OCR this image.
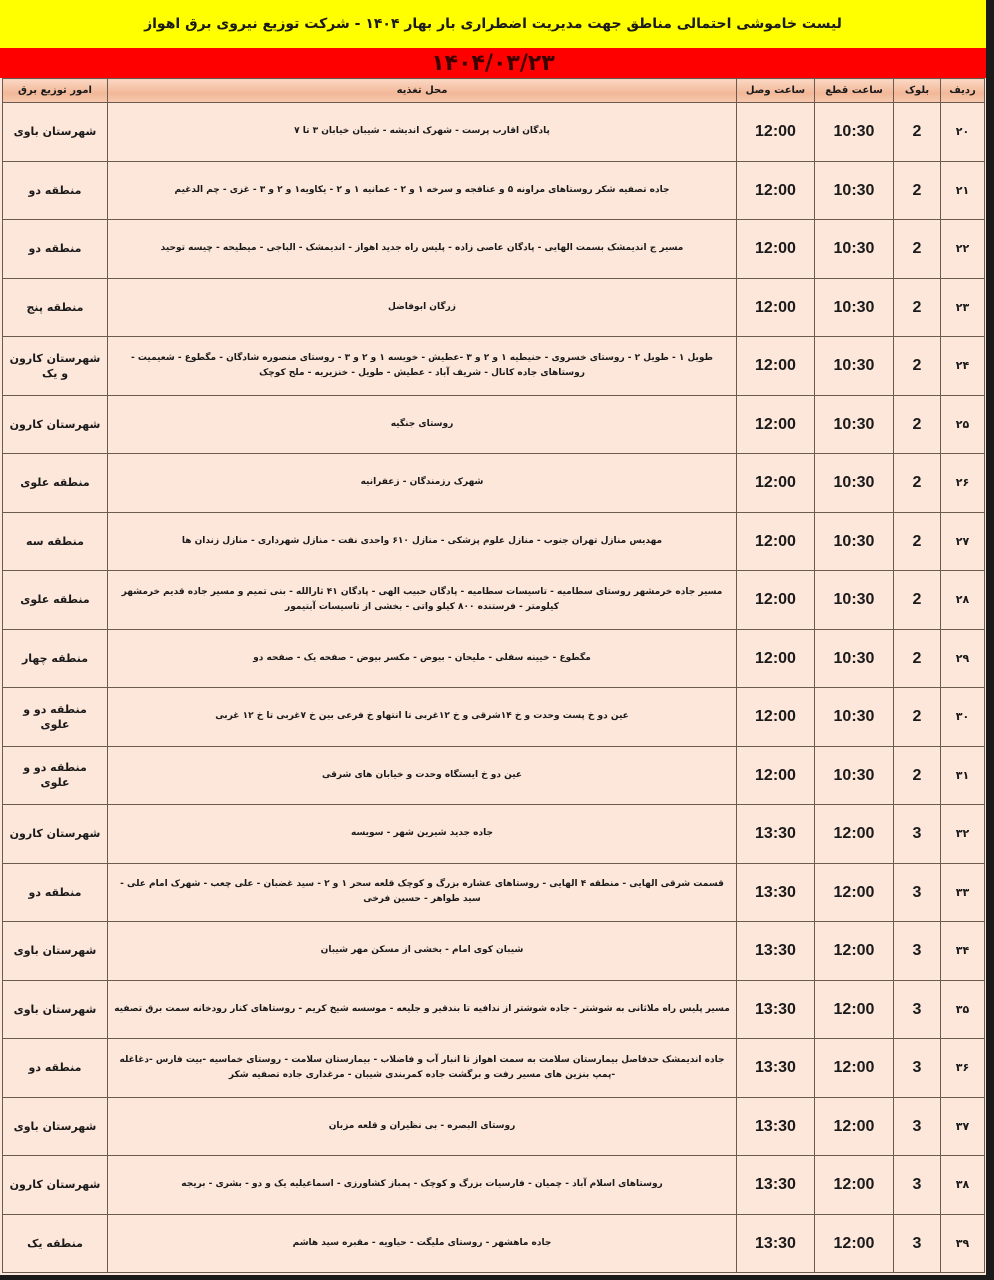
لیست خاموشی احتمالی مناطق جهت مدیریت اضطراری بار بهار ۱۴۰۴ - شرکت توزیع نیروی برق اهواز
۱۴۰۴/۰۳/۲۳
ردیف	بلوک	ساعت قطع	ساعت وصل	محل تغذیه	امور توزیع برق
۲۰	2	10:30	12:00	پادگان اقارب پرست - شهرک اندیشه - شیبان خیابان ۳ تا ۷	شهرستان باوی
۲۱	2	10:30	12:00	جاده تصفیه شکر روستاهای مراونه ۵ و عنافجه و سرخه ۱ و ۲ - عمانیه ۱ و ۲ - یکاویه۱ و ۲ و ۳ - غزی - چم الدغیم	منطقه دو
۲۲	2	10:30	12:00	مسیر ج اندیمشک بسمت الهایی - پادگان عاصی زاده - پلیس راه جدید اهواز - اندیمشک - الباجی - میطیحه - چیسه توحید	منطقه دو
۲۳	2	10:30	12:00	زرگان ابوفاضل	منطقه پنج
۲۴	2	10:30	12:00	طویل ۱ - طویل ۲ - روستای خسروی - حنیطیه ۱ و ۲ و ۳ -عطیش - خویسه ۱ و ۲ و ۳ - روستای منصوره شادگان - مگطوع - شعیمیت - روستاهای جاده کانال - شریف آباد - عطیش - طویل - خنزیریه - ملح کوچک	شهرستان کارون و یک
۲۵	2	10:30	12:00	روستای جنگیه	شهرستان کارون
۲۶	2	10:30	12:00	شهرک رزمندگان - زعفرانیه	منطقه علوی
۲۷	2	10:30	12:00	مهدیس منازل تهران جنوب - منازل علوم پزشکی - منازل ۶۱۰ واحدی نفت - منازل شهرداری - منازل زندان ها	منطقه سه
۲۸	2	10:30	12:00	مسیر جاده خرمشهر روستای سطامیه - تاسیسات سطامیه - پادگان حبیب الهی - پادگان ۴۱ ثارالله - بنی تمیم و مسیر جاده قدیم خرمشهر کیلومتر - فرستنده ۸۰۰ کیلو واتی - بخشی از تاسیسات آبتیمور	منطقه علوی
۲۹	2	10:30	12:00	مگطوع - خیینه سفلی - ملیحان - بیوض - مکسر بیوض - صفحه یک - صفحه دو	منطقه چهار
۳۰	2	10:30	12:00	عین دو خ پست وحدت و خ ۱۴شرقی و خ ۱۲غربی تا انتهاو خ فرعی بین خ ۷غربی تا خ ۱۲ غربی	منطقه دو و علوی
۳۱	2	10:30	12:00	عین دو خ ایستگاه وحدت و خیابان های شرقی	منطقه دو و علوی
۳۲	3	12:00	13:30	جاده جدید شیرین شهر - سویسه	شهرستان کارون
۳۳	3	12:00	13:30	قسمت شرقی الهایی - منطقه ۴ الهایی - روستاهای عشاره بزرگ و کوچک قلعه سحر ۱ و ۲ - سید غضبان - علی چعب - شهرک امام علی - سید طواهر - حسین فرخی	منطقه دو
۳۴	3	12:00	13:30	شیبان کوی امام - بخشی از مسکن مهر شیبان	شهرستان باوی
۳۵	3	12:00	13:30	مسیر پلیس راه ملاثانی به شوشتر - جاده شوشتر از ندافیه تا بندقیر و جلیعه - موسسه شیخ کریم - روستاهای کنار رودخانه سمت برق تصفیه	شهرستان باوی
۳۶	3	12:00	13:30	جاده اندیمشک حدفاصل بیمارستان سلامت به سمت اهواز تا انبار آب و فاضلاب - بیمارستان سلامت - روستای خماسیه -بیت فارس -دغاغله -پمپ بنزین های مسیر رفت و برگشت جاده کمربندی شیبان - مرغداری جاده تصفیه شکر	منطقه دو
۳۷	3	12:00	13:30	روستای البصره - بی نظیران و قلعه مزبان	شهرستان باوی
۳۸	3	12:00	13:30	روستاهای اسلام آباد - چمیان - فارسیات بزرگ و کوچک - پمباز کشاورزی - اسماعیلیه یک و دو - بشری - بریجه	شهرستان کارون
۳۹	3	12:00	13:30	جاده ماهشهر - روستای ملیگت - حیاویه - مقبره سید هاشم	منطقه یک
